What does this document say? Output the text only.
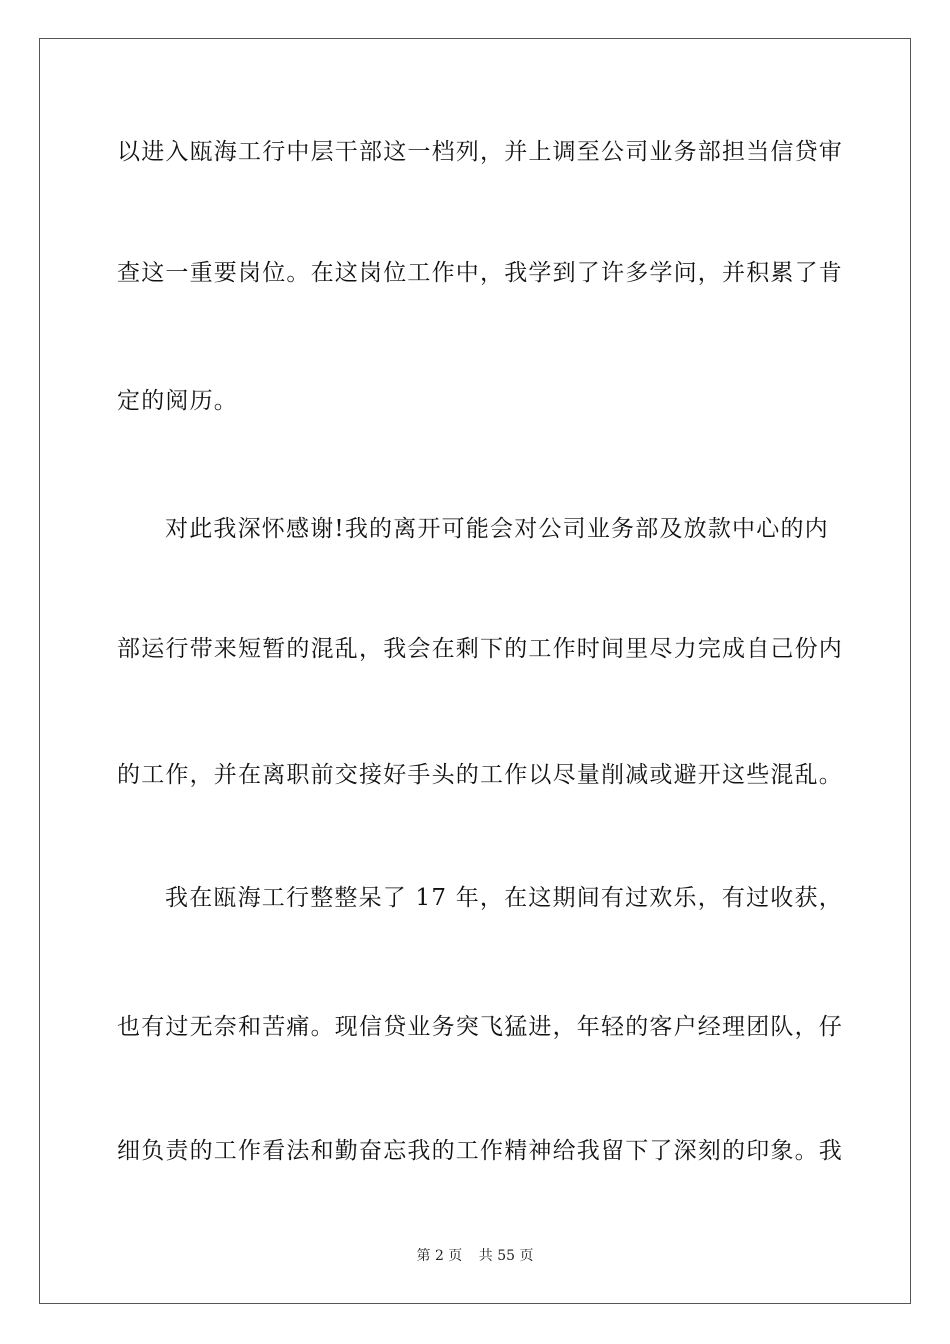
以进入瓯海工行中层干部这一档列，并上调至公司业务部担当信贷审
查这一重要岗位。在这岗位工作中，我学到了许多学问，并积累了肯
定的阅历。
对此我深怀感谢!我的离开可能会对公司业务部及放款中心的内
部运行带来短暂的混乱，我会在剩下的工作时间里尽力完成自己份内
的工作，并在离职前交接好手头的工作以尽量削减或避开这些混乱。
我在瓯海工行整整呆了 17 年，在这期间有过欢乐，有过收获，
也有过无奈和苦痛。现信贷业务突飞猛进，年轻的客户经理团队，仔
细负责的工作看法和勤奋忘我的工作精神给我留下了深刻的印象。我
第 2 页 共 55 页
